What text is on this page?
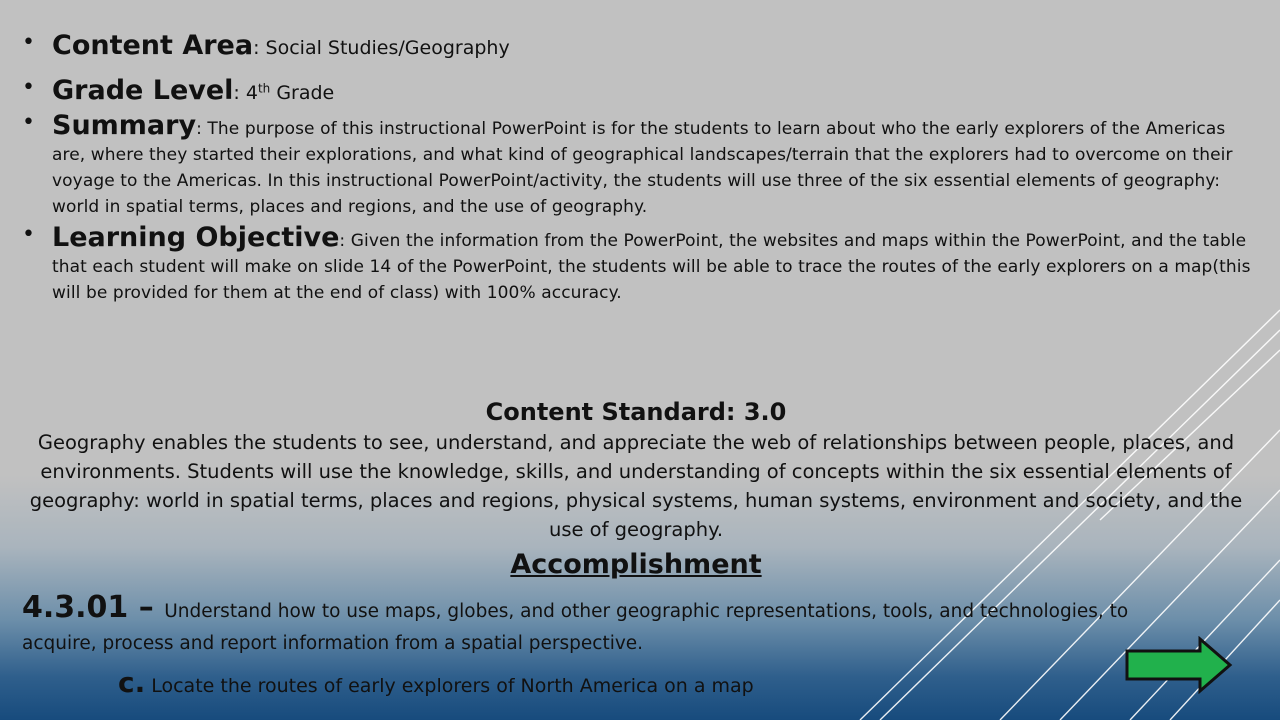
• Content Area: Social Studies/Geography
• Grade Level: 4th Grade
• Summary: The purpose of this instructional PowerPoint is for the students to learn about who the early explorers of the Americas are, where they started their explorations, and what kind of geographical landscapes/terrain that the explorers had to overcome on their voyage to the Americas. In this instructional PowerPoint/activity, the students will use three of the six essential elements of geography: world in spatial terms, places and regions, and the use of geography.
• Learning Objective: Given the information from the PowerPoint, the websites and maps within the PowerPoint, and the table that each student will make on slide 14 of the PowerPoint, the students will be able to trace the routes of the early explorers on a map(this will be provided for them at the end of class) with 100% accuracy.
Content Standard: 3.0
Geography enables the students to see, understand, and appreciate the web of relationships between people, places, and environments. Students will use the knowledge, skills, and understanding of concepts within the six essential elements of geography: world in spatial terms, places and regions, physical systems, human systems, environment and society, and the use of geography.
Accomplishment
4.3.01 – Understand how to use maps, globes, and other geographic representations, tools, and technologies, to acquire, process and report information from a spatial perspective.
c. Locate the routes of early explorers of North America on a map
